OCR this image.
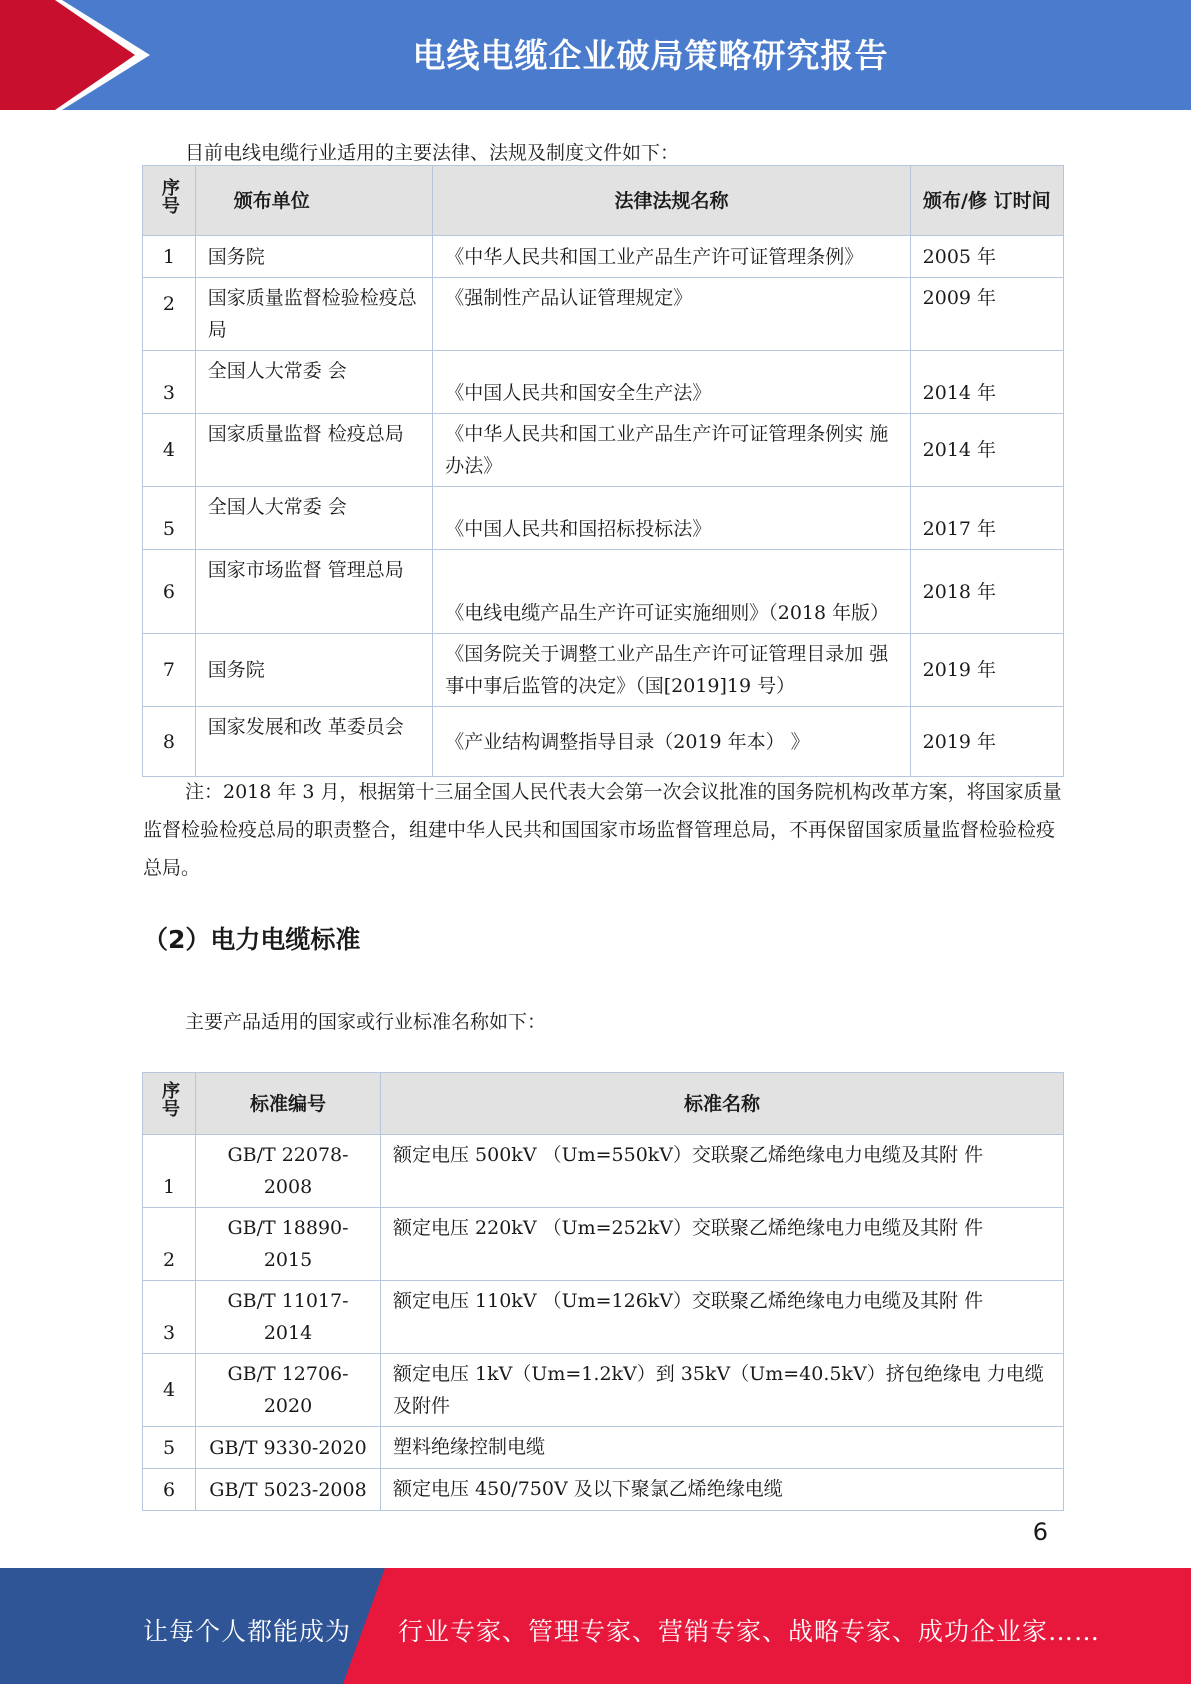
电线电缆企业破局策略研究报告
目前电线电缆行业适用的主要法律、法规及制度文件如下：
序号	颁布单位	法律法规名称	颁布/修 订时间
1	国务院	《中华人民共和国工业产品生产许可证管理条例》	2005 年
2	国家质量监督检验检疫总局	《强制性产品认证管理规定》	2009 年
3	全国人大常委 会	《中国人民共和国安全生产法》	2014 年
4	国家质量监督 检疫总局	《中华人民共和国工业产品生产许可证管理条例实 施办法》	2014 年
5	全国人大常委 会	《中国人民共和国招标投标法》	2017 年
6	国家市场监督 管理总局	《电线电缆产品生产许可证实施细则》（2018 年版）	2018 年
7	国务院	《国务院关于调整工业产品生产许可证管理目录加 强事中事后监管的决定》（国[2019]19 号）	2019 年
8	国家发展和改 革委员会	《产业结构调整指导目录（2019 年本） 》	2019 年
注：2018 年 3 月，根据第十三届全国人民代表大会第一次会议批准的国务院机构改革方案，将国家质量监督检验检疫总局的职责整合，组建中华人民共和国国家市场监督管理总局，不再保留国家质量监督检验检疫总局。
（2）电力电缆标准
主要产品适用的国家或行业标准名称如下：
序号	标准编号	标准名称
1	GB/T 22078-2008	额定电压 500kV （Um=550kV）交联聚乙烯绝缘电力电缆及其附 件
2	GB/T 18890-2015	额定电压 220kV （Um=252kV）交联聚乙烯绝缘电力电缆及其附 件
3	GB/T 11017-2014	额定电压 110kV （Um=126kV）交联聚乙烯绝缘电力电缆及其附 件
4	GB/T 12706-2020	额定电压 1kV（Um=1.2kV）到 35kV（Um=40.5kV）挤包绝缘电 力电缆及附件
5	GB/T 9330-2020	塑料绝缘控制电缆
6	GB/T 5023-2008	额定电压 450/750V 及以下聚氯乙烯绝缘电缆
6
让每个人都能成为 行业专家、管理专家、营销专家、战略专家、成功企业家……
